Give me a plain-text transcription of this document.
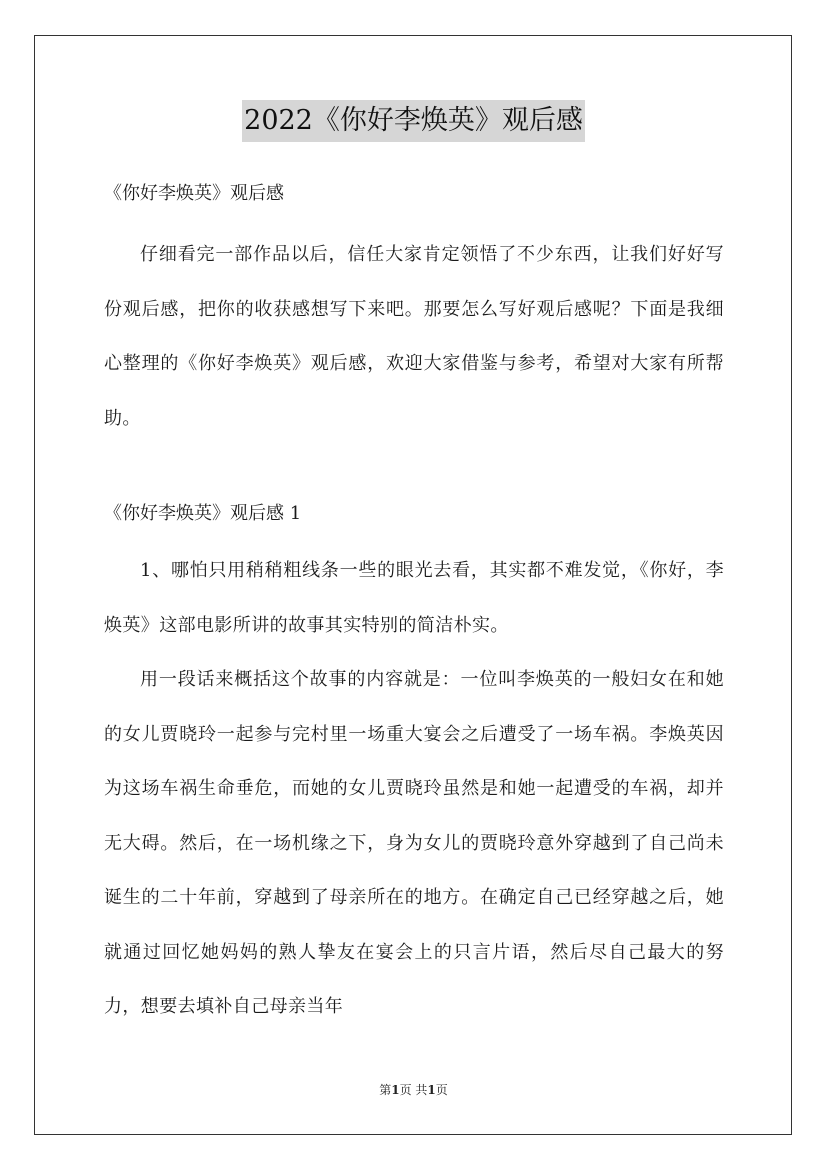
2022《你好李焕英》观后感

《你好李焕英》观后感

仔细看完一部作品以后，信任大家肯定领悟了不少东西，让我们好好写份观后感，把你的收获感想写下来吧。那要怎么写好观后感呢？下面是我细心整理的《你好李焕英》观后感，欢迎大家借鉴与参考，希望对大家有所帮助。

《你好李焕英》观后感 1

1、哪怕只用稍稍粗线条一些的眼光去看，其实都不难发觉，《你好，李焕英》这部电影所讲的故事其实特别的简洁朴实。

用一段话来概括这个故事的内容就是：一位叫李焕英的一般妇女在和她的女儿贾晓玲一起参与完村里一场重大宴会之后遭受了一场车祸。李焕英因为这场车祸生命垂危，而她的女儿贾晓玲虽然是和她一起遭受的车祸，却并无大碍。然后，在一场机缘之下，身为女儿的贾晓玲意外穿越到了自己尚未诞生的二十年前，穿越到了母亲所在的地方。在确定自己已经穿越之后，她就通过回忆她妈妈的熟人挚友在宴会上的只言片语，然后尽自己最大的努力，想要去填补自己母亲当年

第1页 共1页
